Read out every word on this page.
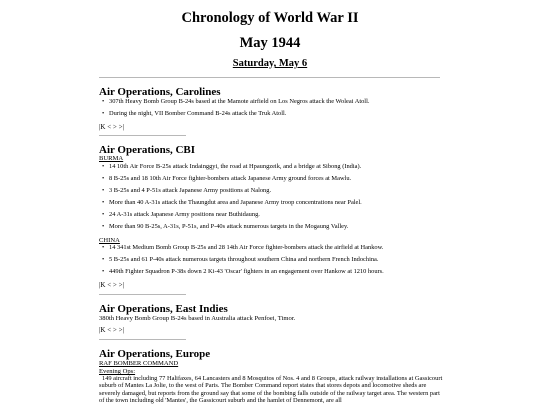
Chronology of World War II
May 1944
Saturday, May 6
Air Operations, Carolines
307th Heavy Bomb Group B-24s based at the Mamote airfield on Los Negros attack the Woleai Atoll.
During the night, VII Bomber Command B-24s attack the Truk Atoll.
|K < > >|
Air Operations, CBI
BURMA
14 10th Air Force B-25s attack Indainggyi, the road at Hpaungzeik, and a bridge at Sibong (India).
8 B-25s and 18 10th Air Force fighter-bombers attack Japanese Army ground forces at Mawlu.
3 B-25s and 4 P-51s attack Japanese Army positions at Nalong.
More than 40 A-31s attack the Thaungdut area and Japanese Army troop concentrations near Palel.
24 A-31s attack Japanese Army positions near Buthidaung.
More than 90 B-25s, A-31s, P-51s, and P-40s attack numerous targets in the Mogaung Valley.
CHINA
14 341st Medium Bomb Group B-25s and 28 14th Air Force fighter-bombers attack the airfield at Hankow.
5 B-25s and 61 P-40s attack numerous targets throughout southern China and northern French Indochina.
449th Fighter Squadron P-38s down 2 Ki-43 'Oscar' fighters in an engagement over Hankow at 1210 hours.
|K < > >|
Air Operations, East Indies
380th Heavy Bomb Group B-24s based in Australia attack Penfoei, Timor.
|K < > >|
Air Operations, Europe
RAF BOMBER COMMAND
Evening Ops:
149 aircraft including 77 Halifaxes, 64 Lancasters and 8 Mosquitos of Nos. 4 and 8 Groups, attack railway installations at Gassicourt suburb of Mantes La Jolie, to the west of Paris. The Bomber Command report states that stores depots and locomotive sheds are severely damaged, but reports from the ground say that some of the bombing falls outside of the railway target area. The western part of the town including old 'Mantes', the Gassicourt suburb and the hamlet of Dennemont, are all
